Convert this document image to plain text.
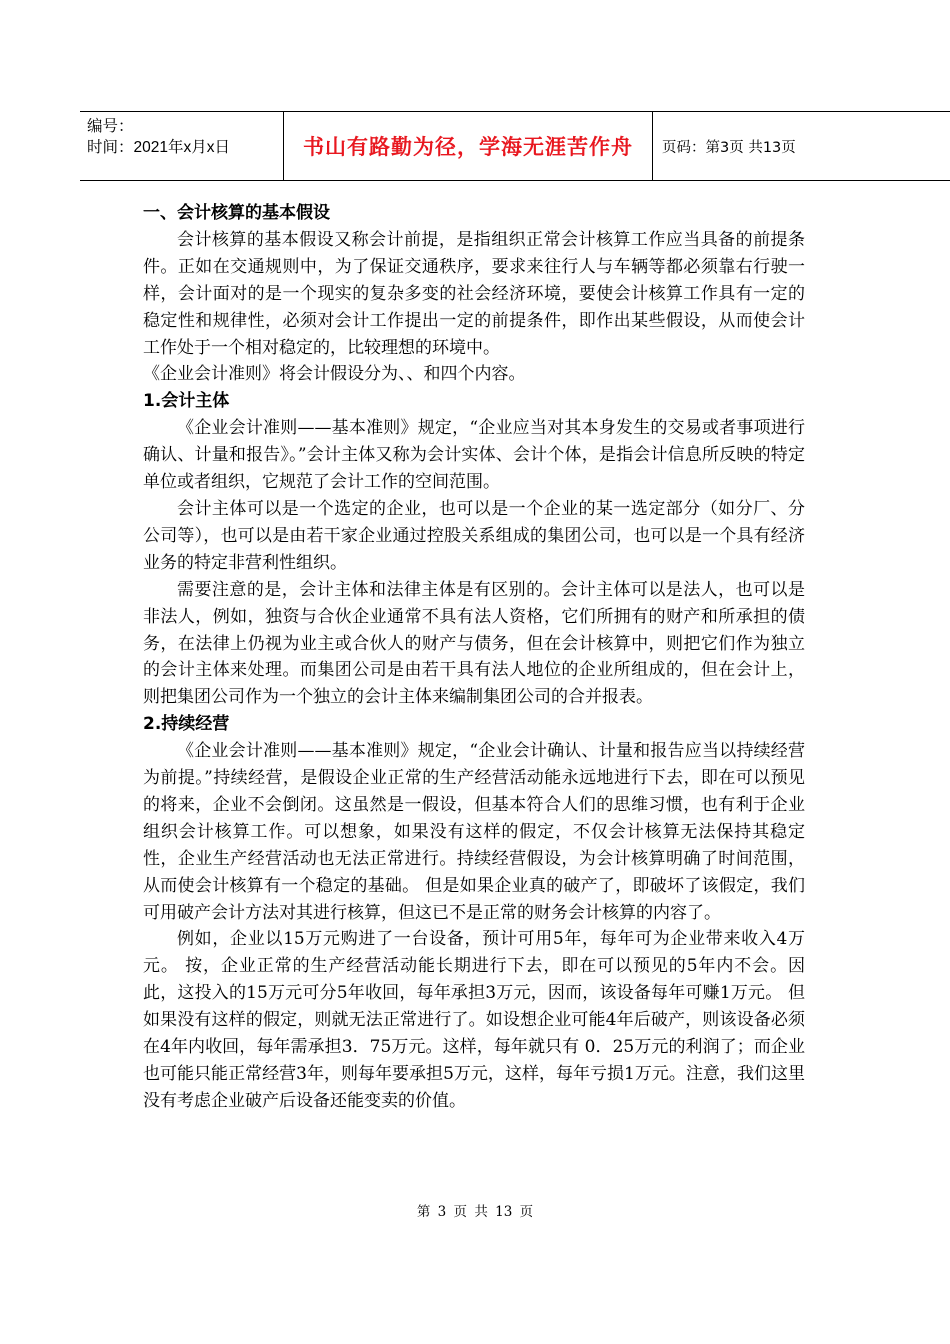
编号：
时间：2021年x月x日	书山有路勤为径，学海无涯苦作舟	页码：第3页 共13页

一、会计核算的基本假设

会计核算的基本假设又称会计前提，是指组织正常会计核算工作应当具备的前提条件。正如在交通规则中，为了保证交通秩序，要求来往行人与车辆等都必须靠右行驶一样，会计面对的是一个现实的复杂多变的社会经济环境，要使会计核算工作具有一定的稳定性和规律性，必须对会计工作提出一定的前提条件，即作出某些假设，从而使会计工作处于一个相对稳定的，比较理想的环境中。

《企业会计准则》将会计假设分为、、和四个内容。

1.会计主体

《企业会计准则——基本准则》规定，“企业应当对其本身发生的交易或者事项进行确认、计量和报告》。”会计主体又称为会计实体、会计个体，是指会计信息所反映的特定单位或者组织，它规范了会计工作的空间范围。

会计主体可以是一个选定的企业，也可以是一个企业的某一选定部分（如分厂、分公司等），也可以是由若干家企业通过控股关系组成的集团公司，也可以是一个具有经济业务的特定非营利性组织。

需要注意的是，会计主体和法律主体是有区别的。会计主体可以是法人，也可以是非法人，例如，独资与合伙企业通常不具有法人资格，它们所拥有的财产和所承担的债务，在法律上仍视为业主或合伙人的财产与债务，但在会计核算中，则把它们作为独立的会计主体来处理。而集团公司是由若干具有法人地位的企业所组成的，但在会计上，则把集团公司作为一个独立的会计主体来编制集团公司的合并报表。

2.持续经营

《企业会计准则——基本准则》规定，“企业会计确认、计量和报告应当以持续经营为前提。”持续经营，是假设企业正常的生产经营活动能永远地进行下去，即在可以预见的将来，企业不会倒闭。这虽然是一假设，但基本符合人们的思维习惯，也有利于企业组织会计核算工作。可以想象，如果没有这样的假定，不仅会计核算无法保持其稳定性，企业生产经营活动也无法正常进行。持续经营假设，为会计核算明确了时间范围，从而使会计核算有一个稳定的基础。 但是如果企业真的破产了，即破坏了该假定，我们可用破产会计方法对其进行核算，但这已不是正常的财务会计核算的内容了。

例如，企业以15万元购进了一台设备，预计可用5年，每年可为企业带来收入4万元。 按，企业正常的生产经营活动能长期进行下去，即在可以预见的5年内不会。因此，这投入的15万元可分5年收回，每年承担3万元，因而，该设备每年可赚1万元。 但如果没有这样的假定，则就无法正常进行了。如设想企业可能4年后破产，则该设备必须在4年内收回，每年需承担3．75万元。这样，每年就只有 0．25万元的利润了；而企业也可能只能正常经营3年，则每年要承担5万元，这样，每年亏损1万元。注意，我们这里没有考虑企业破产后设备还能变卖的价值。

第 3 页 共 13 页
